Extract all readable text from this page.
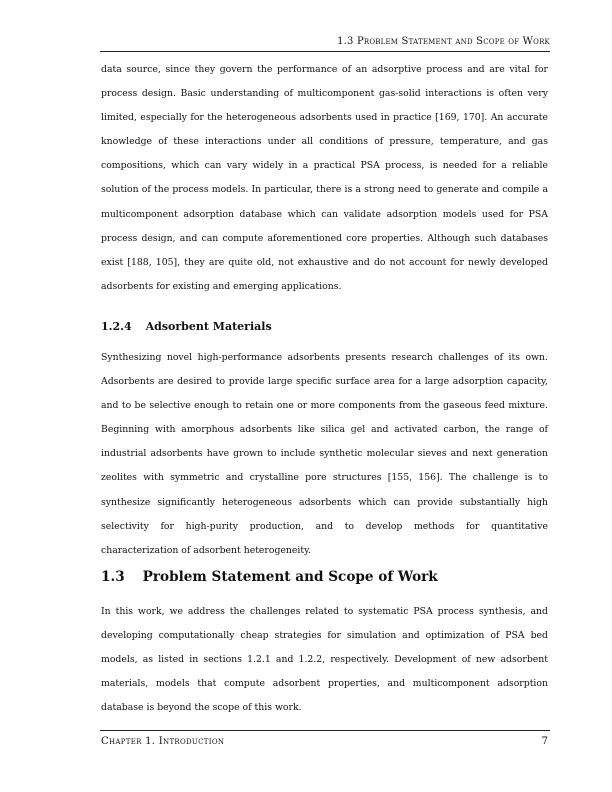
1.3 Problem Statement and Scope of Work

data source, since they govern the performance of an adsorptive process and are vital for process design. Basic understanding of multicomponent gas-solid interactions is often very limited, especially for the heterogeneous adsorbents used in practice [169, 170]. An accurate knowledge of these interactions under all conditions of pressure, temperature, and gas compositions, which can vary widely in a practical PSA process, is needed for a reliable solution of the process models. In particular, there is a strong need to generate and compile a multicomponent adsorption database which can validate adsorption models used for PSA process design, and can compute aforementioned core properties. Although such databases exist [188, 105], they are quite old, not exhaustive and do not account for newly developed adsorbents for existing and emerging applications.

1.2.4 Adsorbent Materials

Synthesizing novel high-performance adsorbents presents research challenges of its own. Adsorbents are desired to provide large specific surface area for a large adsorption capacity, and to be selective enough to retain one or more components from the gaseous feed mixture. Beginning with amorphous adsorbents like silica gel and activated carbon, the range of industrial adsorbents have grown to include synthetic molecular sieves and next generation zeolites with symmetric and crystalline pore structures [155, 156]. The challenge is to synthesize significantly heterogeneous adsorbents which can provide substantially high selectivity for high-purity production, and to develop methods for quantitative characterization of adsorbent heterogeneity.

1.3 Problem Statement and Scope of Work

In this work, we address the challenges related to systematic PSA process synthesis, and developing computationally cheap strategies for simulation and optimization of PSA bed models, as listed in sections 1.2.1 and 1.2.2, respectively. Development of new adsorbent materials, models that compute adsorbent properties, and multicomponent adsorption database is beyond the scope of this work.

Chapter 1. Introduction	7
